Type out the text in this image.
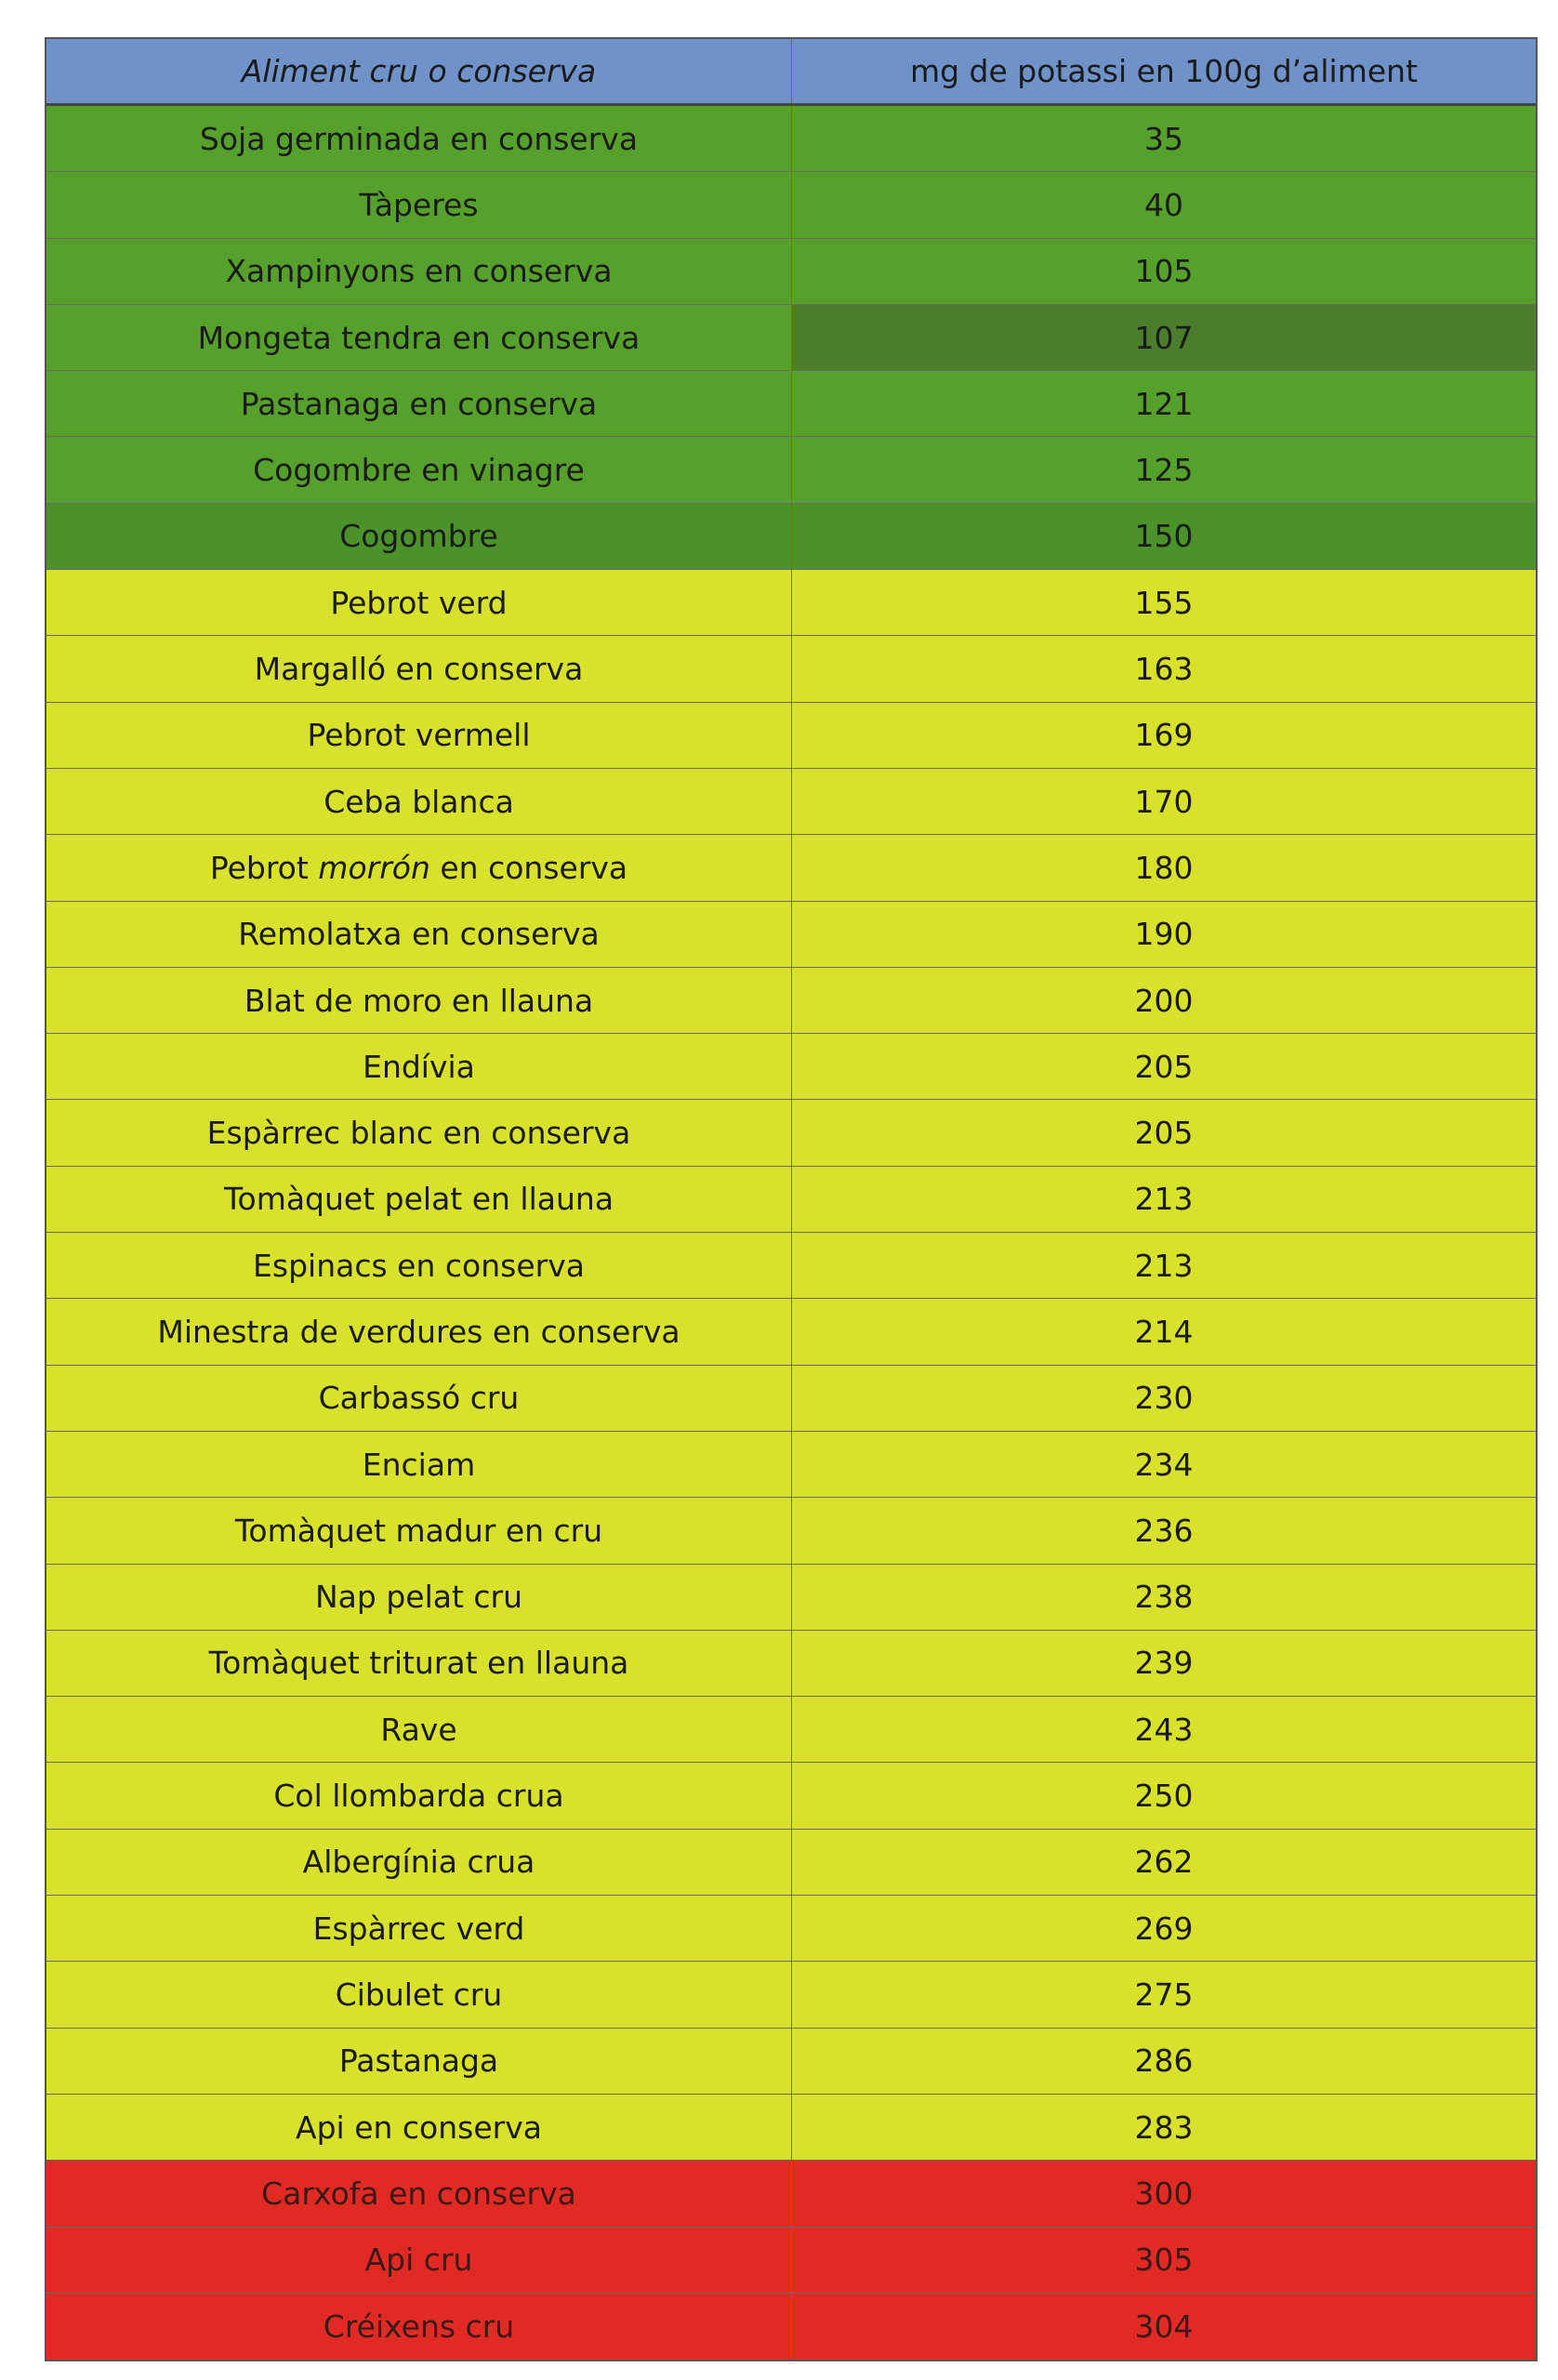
Aliment cru o conserva	mg de potassi en 100g d’aliment
Soja germinada en conserva	35
Tàperes	40
Xampinyons en conserva	105
Mongeta tendra en conserva	107
Pastanaga en conserva	121
Cogombre en vinagre	125
Cogombre	150
Pebrot verd	155
Margalló en conserva	163
Pebrot vermell	169
Ceba blanca	170
Pebrot morrón en conserva	180
Remolatxa en conserva	190
Blat de moro en llauna	200
Endívia	205
Espàrrec blanc en conserva	205
Tomàquet pelat en llauna	213
Espinacs en conserva	213
Minestra de verdures en conserva	214
Carbassó cru	230
Enciam	234
Tomàquet madur en cru	236
Nap pelat cru	238
Tomàquet triturat en llauna	239
Rave	243
Col llombarda crua	250
Albergínia crua	262
Espàrrec verd	269
Cibulet cru	275
Pastanaga	286
Api en conserva	283
Carxofa en conserva	300
Api cru	305
Créixens cru	304
